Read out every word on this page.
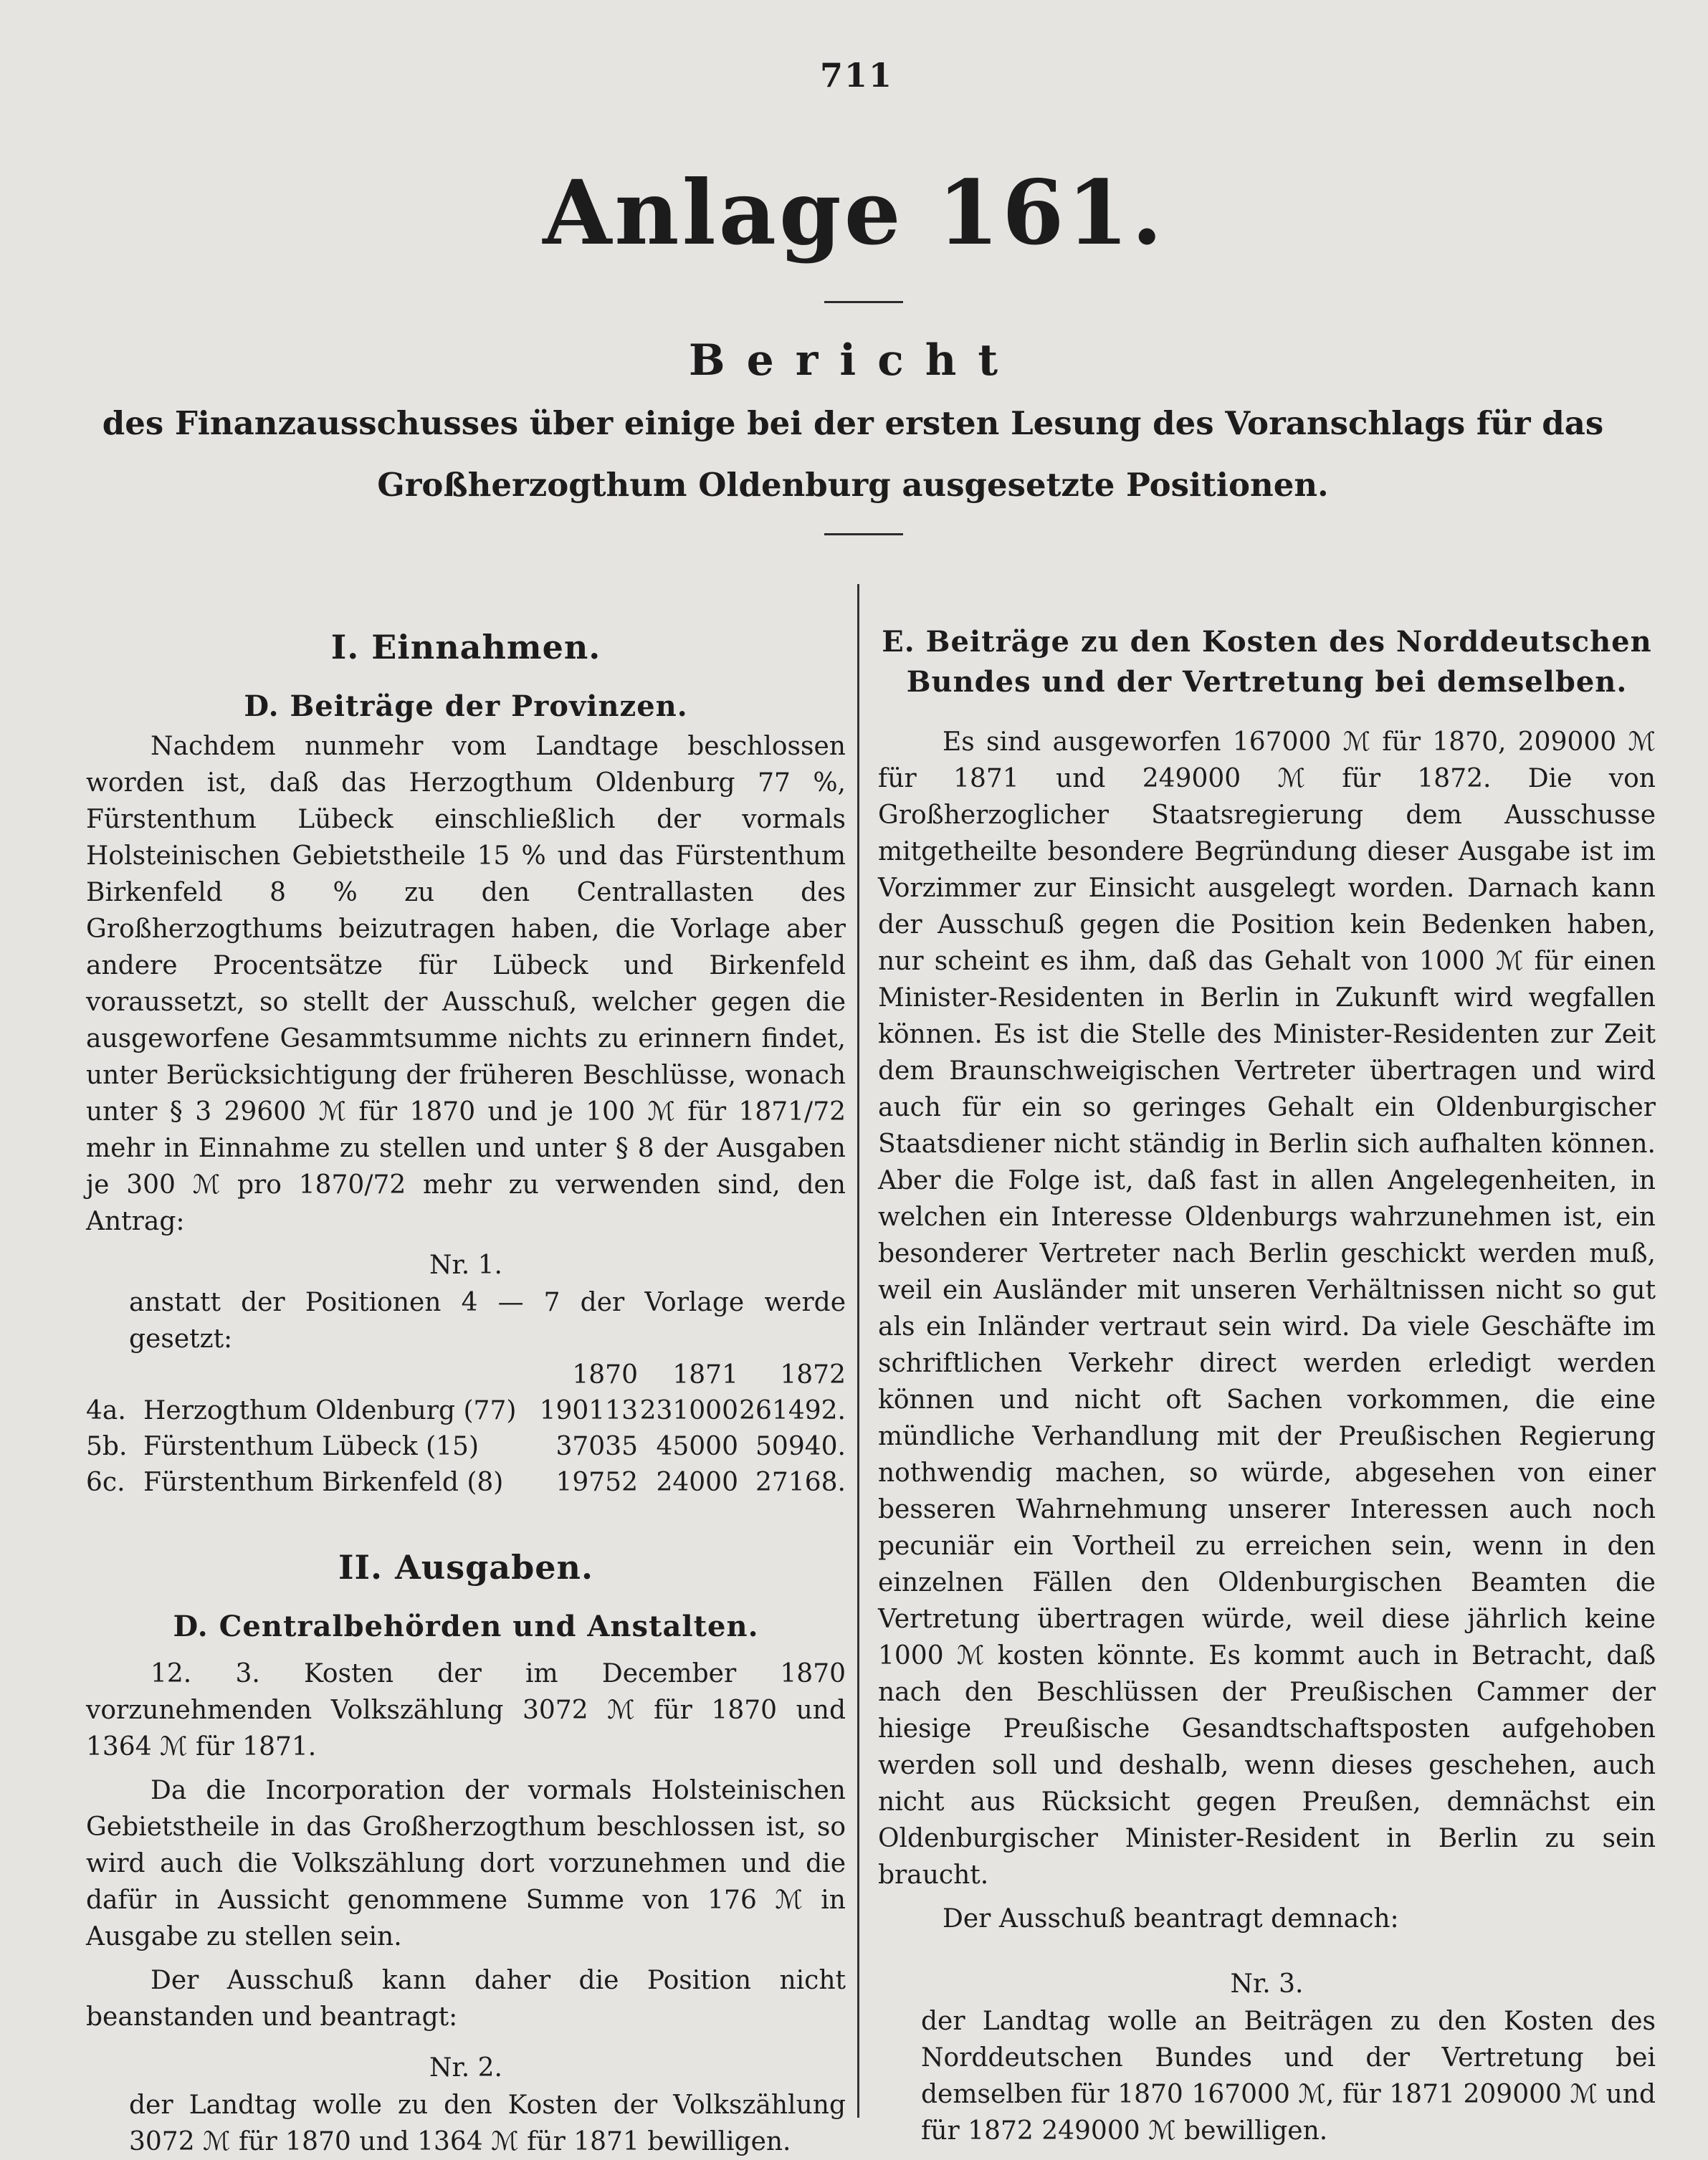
711
Anlage 161.
Bericht
des Finanzausschusses über einige bei der ersten Lesung des Voranschlags für das Großherzogthum Oldenburg ausgesetzte Positionen.
I. Einnahmen.
D. Beiträge der Provinzen.

Nachdem nunmehr vom Landtage beschlossen worden ist, daß das Herzogthum Oldenburg 77 %, Fürstenthum Lübeck einschließlich der vormals Holsteinischen Gebietstheile 15 % und das Fürstenthum Birkenfeld 8 % zu den Centrallasten des Großherzogthums beizutragen haben, die Vorlage aber andere Procentsätze für Lübeck und Birkenfeld voraussetzt, so stellt der Ausschuß, welcher gegen die ausgeworfene Gesammtsumme nichts zu erinnern findet, unter Berücksichtigung der früheren Beschlüsse, wonach unter § 3 29600 ℳ für 1870 und je 100 ℳ für 1871/72 mehr in Einnahme zu stellen und unter § 8 der Ausgaben je 300 ℳ pro 1870/72 mehr zu verwenden sind, den Antrag:

Nr. 1.

anstatt der Positionen 4 — 7 der Vorlage werde gesetzt:

		1870	1871	1872
4a.	Herzogthum Oldenburg (77)	190113	231000	261492.
5b.	Fürstenthum Lübeck (15)	37035	45000	50940.
6c.	Fürstenthum Birkenfeld (8)	19752	24000	27168.
II. Ausgaben.
D. Centralbehörden und Anstalten.

12. 3. Kosten der im December 1870 vorzunehmenden Volkszählung 3072 ℳ für 1870 und 1364 ℳ für 1871.

Da die Incorporation der vormals Holsteinischen Gebietstheile in das Großherzogthum beschlossen ist, so wird auch die Volkszählung dort vorzunehmen und die dafür in Aussicht genommene Summe von 176 ℳ in Ausgabe zu stellen sein.

Der Ausschuß kann daher die Position nicht beanstanden und beantragt:

Nr. 2.

der Landtag wolle zu den Kosten der Volkszählung 3072 ℳ für 1870 und 1364 ℳ für 1871 bewilligen.

E. Beiträge zu den Kosten des Norddeutschen Bundes und der Vertretung bei demselben.

Es sind ausgeworfen 167000 ℳ für 1870, 209000 ℳ für 1871 und 249000 ℳ für 1872. Die von Großherzoglicher Staatsregierung dem Ausschusse mitgetheilte besondere Begründung dieser Ausgabe ist im Vorzimmer zur Einsicht ausgelegt worden. Darnach kann der Ausschuß gegen die Position kein Bedenken haben, nur scheint es ihm, daß das Gehalt von 1000 ℳ für einen Minister-Residenten in Berlin in Zukunft wird wegfallen können. Es ist die Stelle des Minister-Residenten zur Zeit dem Braunschweigischen Vertreter übertragen und wird auch für ein so geringes Gehalt ein Oldenburgischer Staatsdiener nicht ständig in Berlin sich aufhalten können. Aber die Folge ist, daß fast in allen Angelegenheiten, in welchen ein Interesse Oldenburgs wahrzunehmen ist, ein besonderer Vertreter nach Berlin geschickt werden muß, weil ein Ausländer mit unseren Verhältnissen nicht so gut als ein Inländer vertraut sein wird. Da viele Geschäfte im schriftlichen Verkehr direct werden erledigt werden können und nicht oft Sachen vorkommen, die eine mündliche Verhandlung mit der Preußischen Regierung nothwendig machen, so würde, abgesehen von einer besseren Wahrnehmung unserer Interessen auch noch pecuniär ein Vortheil zu erreichen sein, wenn in den einzelnen Fällen den Oldenburgischen Beamten die Vertretung übertragen würde, weil diese jährlich keine 1000 ℳ kosten könnte. Es kommt auch in Betracht, daß nach den Beschlüssen der Preußischen Cammer der hiesige Preußische Gesandtschaftsposten aufgehoben werden soll und deshalb, wenn dieses geschehen, auch nicht aus Rücksicht gegen Preußen, demnächst ein Oldenburgischer Minister-Resident in Berlin zu sein braucht.

Der Ausschuß beantragt demnach:

Nr. 3.

der Landtag wolle an Beiträgen zu den Kosten des Norddeutschen Bundes und der Vertretung bei demselben für 1870 167000 ℳ, für 1871 209000 ℳ und für 1872 249000 ℳ bewilligen.
